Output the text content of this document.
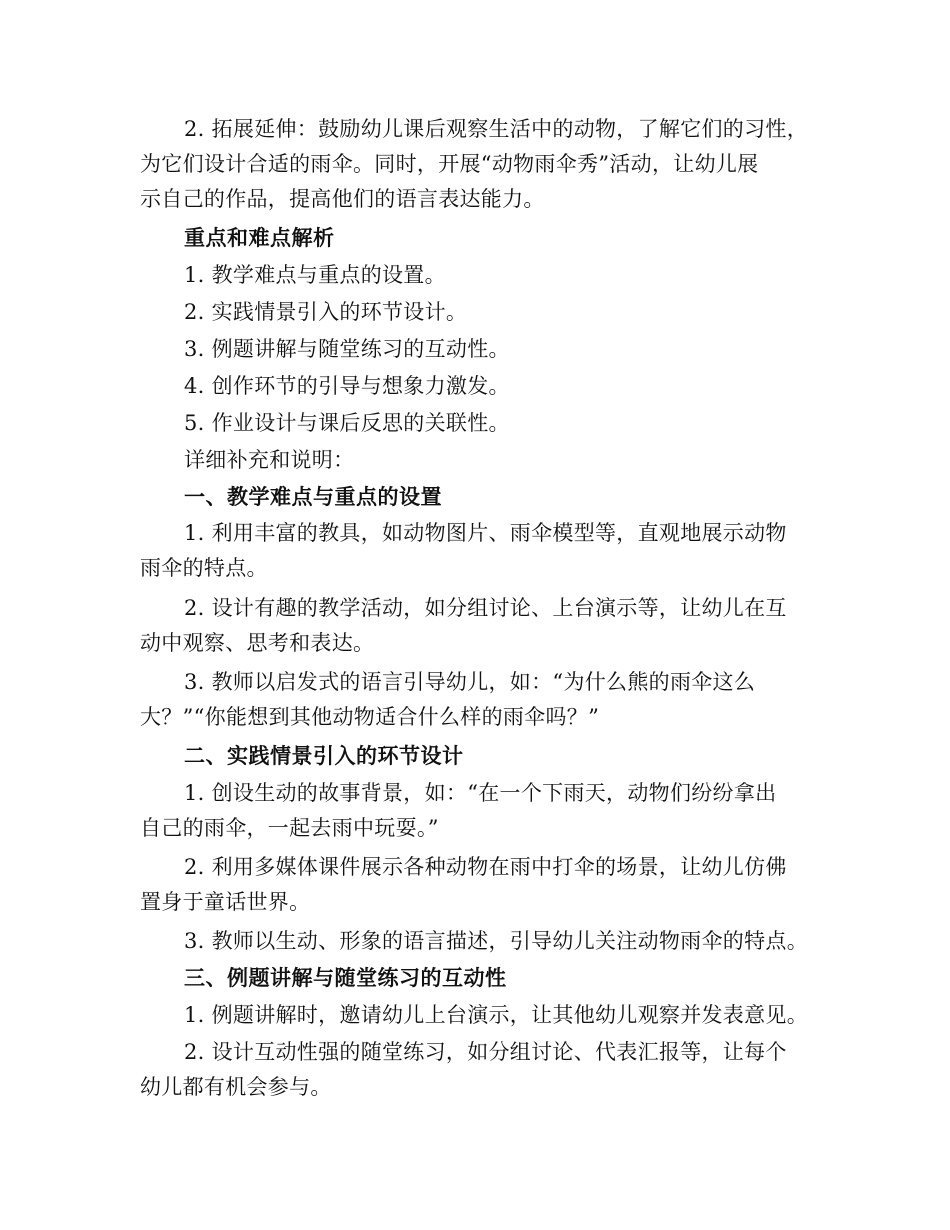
2. 拓展延伸：鼓励幼儿课后观察生活中的动物，了解它们的习性，
为它们设计合适的雨伞。同时，开展“动物雨伞秀”活动，让幼儿展
示自己的作品，提高他们的语言表达能力。
重点和难点解析
1. 教学难点与重点的设置。
2. 实践情景引入的环节设计。
3. 例题讲解与随堂练习的互动性。
4. 创作环节的引导与想象力激发。
5. 作业设计与课后反思的关联性。
详细补充和说明：
一、教学难点与重点的设置
1. 利用丰富的教具，如动物图片、雨伞模型等，直观地展示动物
雨伞的特点。
2. 设计有趣的教学活动，如分组讨论、上台演示等，让幼儿在互
动中观察、思考和表达。
3. 教师以启发式的语言引导幼儿，如：“为什么熊的雨伞这么
大？”“你能想到其他动物适合什么样的雨伞吗？”
二、实践情景引入的环节设计
1. 创设生动的故事背景，如：“在一个下雨天，动物们纷纷拿出
自己的雨伞，一起去雨中玩耍。”
2. 利用多媒体课件展示各种动物在雨中打伞的场景，让幼儿仿佛
置身于童话世界。
3. 教师以生动、形象的语言描述，引导幼儿关注动物雨伞的特点。
三、例题讲解与随堂练习的互动性
1. 例题讲解时，邀请幼儿上台演示，让其他幼儿观察并发表意见。
2. 设计互动性强的随堂练习，如分组讨论、代表汇报等，让每个
幼儿都有机会参与。
